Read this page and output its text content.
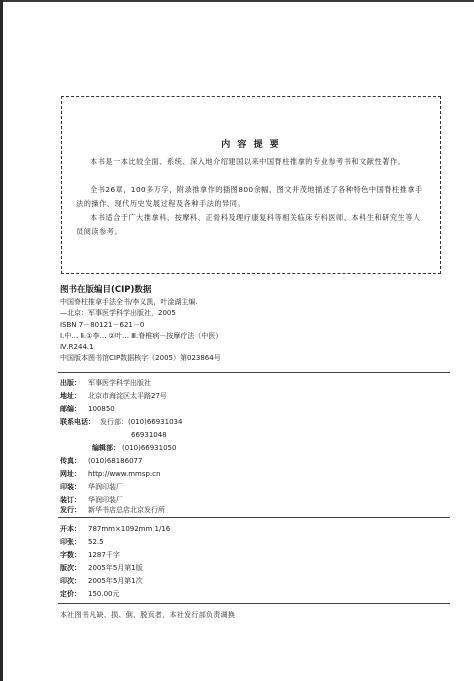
内 容 提 要
本书是一本比较全面、系统、深入地介绍建国以来中国脊柱推拿的专业参考书和文献性著作。
全书26章，100多万字，附录推拿作的插图800余幅，图文并茂地描述了各种特色中国脊柱推拿手法的操作、现代历史发展过程及各种手法的异同。
本书适合于广大推拿科、按摩科、正骨科及理疗康复科等相关临床专科医师、本科生和研究生等人员阅读参考。
图书在版编目(CIP)数据
中国脊柱推拿手法全书/李义凯，叶淦湖主编.
—北京：军事医学科学出版社，2005
ISBN 7－80121－621－0
Ⅰ.中… Ⅱ.①李… ②叶… Ⅲ.脊椎病－按摩疗法（中医）
Ⅳ.R244.1
中国版本图书馆CIP数据核字（2005）第023864号
出版： 军事医学科学出版社
地址： 北京市海淀区太平路27号
邮编： 100850
联系电话： 发行部：(010)66931034
66931048
编辑部： (010)66931050
传真： (010)68186077
网址： http://www.mmsp.cn
印装： 华润印装厂
装订： 华润印装厂
发行： 新华书店总店北京发行所
开本： 787mm×1092mm 1/16
印张： 52.5
字数： 1287千字
版次： 2005年5月第1版
印次： 2005年5月第1次
定价： 150.00元
本社图书凡缺、损、倒、脱页者，本社发行部负责调换
